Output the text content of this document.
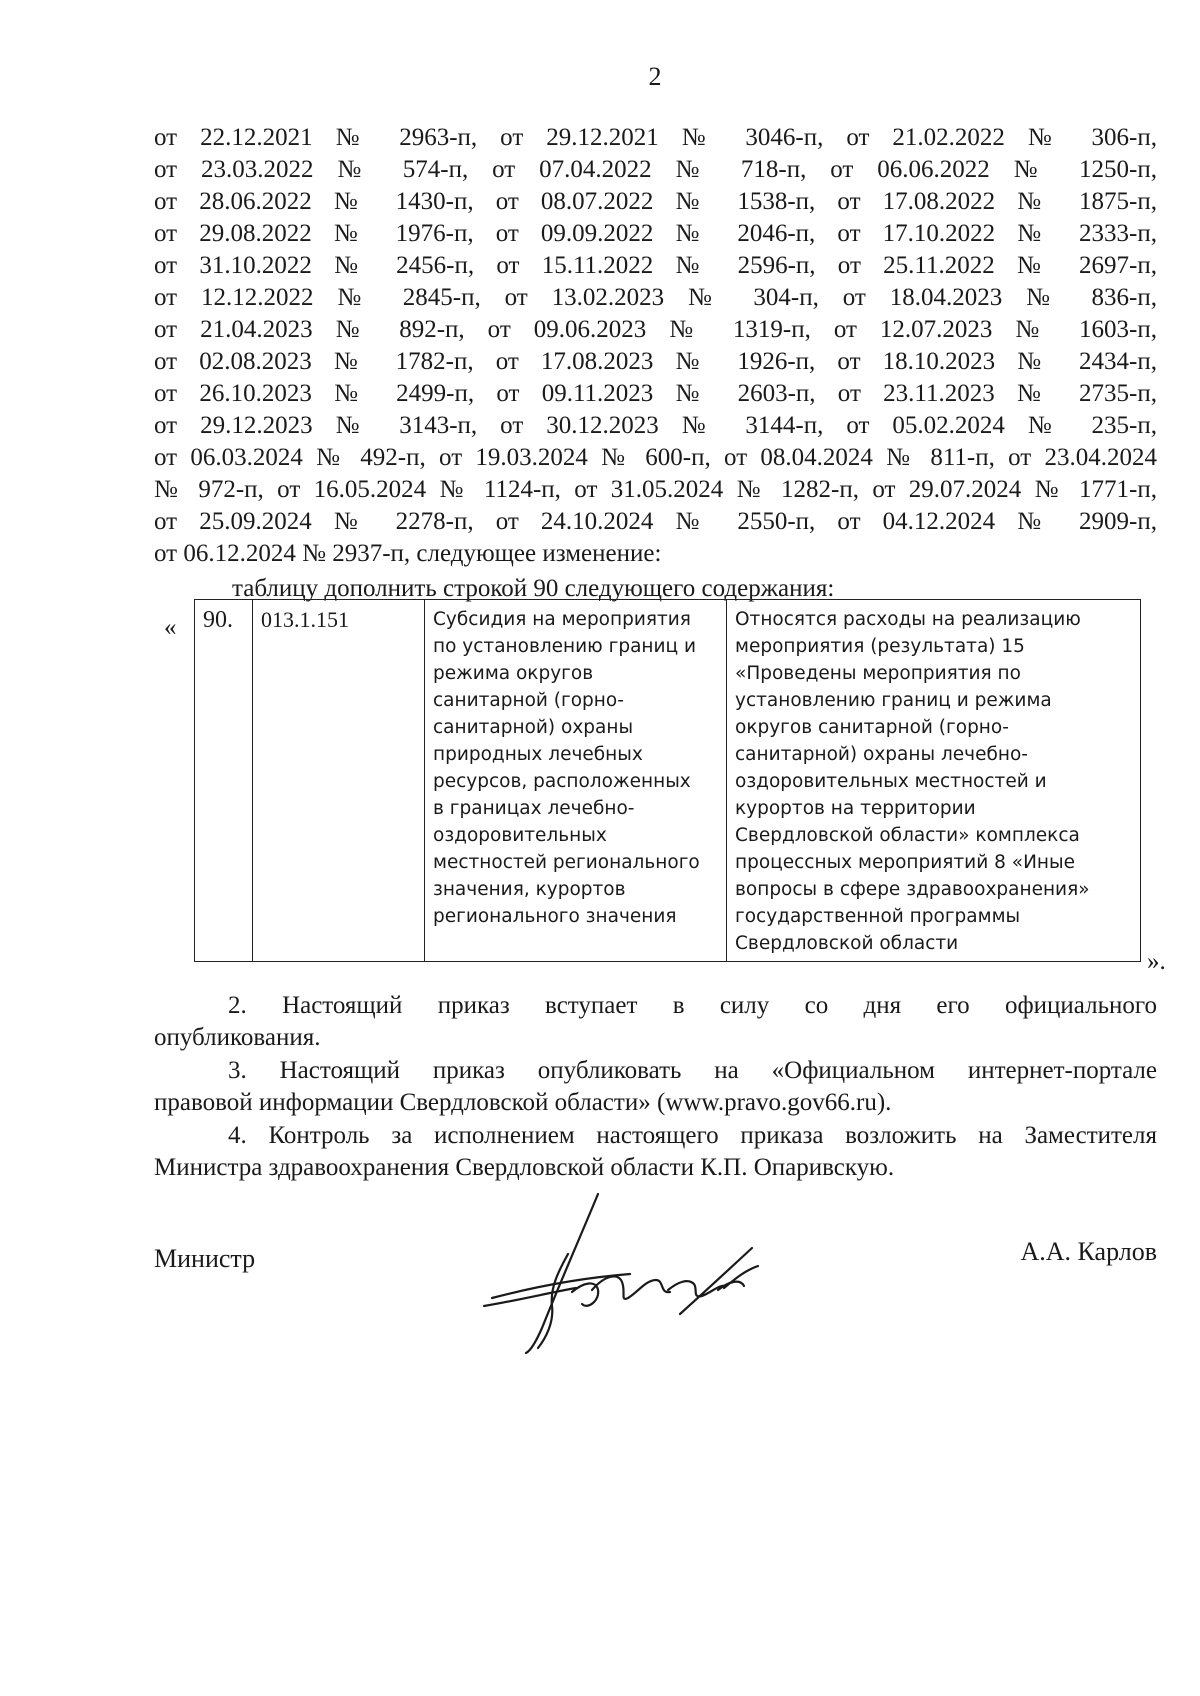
2
от 22.12.2021 № 2963-п, от 29.12.2021 № 3046-п, от 21.02.2022 № 306-п,
от 23.03.2022 № 574-п, от 07.04.2022 № 718-п, от 06.06.2022 № 1250-п,
от 28.06.2022 № 1430-п, от 08.07.2022 № 1538-п, от 17.08.2022 № 1875-п,
от 29.08.2022 № 1976-п, от 09.09.2022 № 2046-п, от 17.10.2022 № 2333-п,
от 31.10.2022 № 2456-п, от 15.11.2022 № 2596-п, от 25.11.2022 № 2697-п,
от 12.12.2022 № 2845-п, от 13.02.2023 № 304-п, от 18.04.2023 № 836-п,
от 21.04.2023 № 892-п, от 09.06.2023 № 1319-п, от 12.07.2023 № 1603-п,
от 02.08.2023 № 1782-п, от 17.08.2023 № 1926-п, от 18.10.2023 № 2434-п,
от 26.10.2023 № 2499-п, от 09.11.2023 № 2603-п, от 23.11.2023 № 2735-п,
от 29.12.2023 № 3143-п, от 30.12.2023 № 3144-п, от 05.02.2024 № 235-п,
от 06.03.2024 № 492-п, от 19.03.2024 № 600-п, от 08.04.2024 № 811-п, от 23.04.2024
№ 972-п, от 16.05.2024 № 1124-п, от 31.05.2024 № 1282-п, от 29.07.2024 № 1771-п,
от 25.09.2024 № 2278-п, от 24.10.2024 № 2550-п, от 04.12.2024 № 2909-п,
от 06.12.2024 № 2937-п, следующее изменение:
таблицу дополнить строкой 90 следующего содержания:
« 90.	013.1.151	Субсидия на мероприятия
по установлению границ и
режима округов
санитарной (горно-
санитарной) охраны
природных лечебных
ресурсов, расположенных
в границах лечебно-
оздоровительных
местностей регионального
значения, курортов
регионального значения	Относятся расходы на реализацию
мероприятия (результата) 15
«Проведены мероприятия по
установлению границ и режима
округов санитарной (горно-
санитарной) охраны лечебно-
оздоровительных местностей и
курортов на территории
Свердловской области» комплекса
процессных мероприятий 8 «Иные
вопросы в сфере здравоохранения»
государственной программы
Свердловской области
».
2. Настоящий приказ вступает в силу со дня его официального
опубликования.
3. Настоящий приказ опубликовать на «Официальном интернет-портале
правовой информации Свердловской области» (www.pravo.gov66.ru).
4. Контроль за исполнением настоящего приказа возложить на Заместителя
Министра здравоохранения Свердловской области К.П. Опаривскую.
Министр	А.А. Карлов
